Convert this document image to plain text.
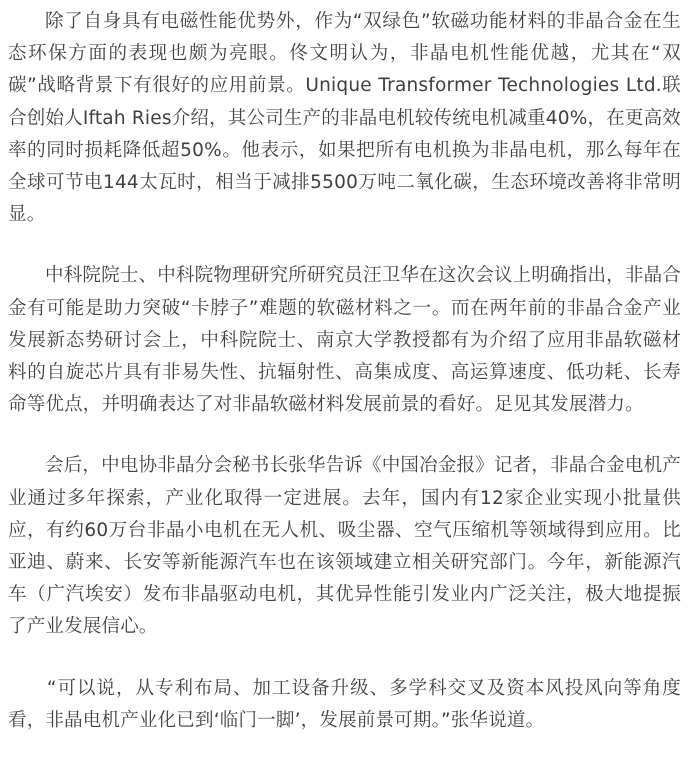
除了自身具有电磁性能优势外，作为“双绿色”软磁功能材料的非晶合金在生态环保方面的表现也颇为亮眼。佟文明认为，非晶电机性能优越，尤其在“双碳”战略背景下有很好的应用前景。Unique Transformer Technologies Ltd.联合创始人Iftah Ries介绍，其公司生产的非晶电机较传统电机减重40%，在更高效率的同时损耗降低超50%。他表示，如果把所有电机换为非晶电机，那么每年在全球可节电144太瓦时，相当于减排5500万吨二氧化碳，生态环境改善将非常明显。

中科院院士、中科院物理研究所研究员汪卫华在这次会议上明确指出，非晶合金有可能是助力突破“卡脖子”难题的软磁材料之一。而在两年前的非晶合金产业发展新态势研讨会上，中科院院士、南京大学教授都有为介绍了应用非晶软磁材料的自旋芯片具有非易失性、抗辐射性、高集成度、高运算速度、低功耗、长寿命等优点，并明确表达了对非晶软磁材料发展前景的看好。足见其发展潜力。

会后，中电协非晶分会秘书长张华告诉《中国冶金报》记者，非晶合金电机产业通过多年探索，产业化取得一定进展。去年，国内有12家企业实现小批量供应，有约60万台非晶小电机在无人机、吸尘器、空气压缩机等领域得到应用。比亚迪、蔚来、长安等新能源汽车也在该领域建立相关研究部门。今年，新能源汽车（广汽埃安）发布非晶驱动电机，其优异性能引发业内广泛关注，极大地提振了产业发展信心。

“可以说，从专利布局、加工设备升级、多学科交叉及资本风投风向等角度看，非晶电机产业化已到‘临门一脚’，发展前景可期。”张华说道。
